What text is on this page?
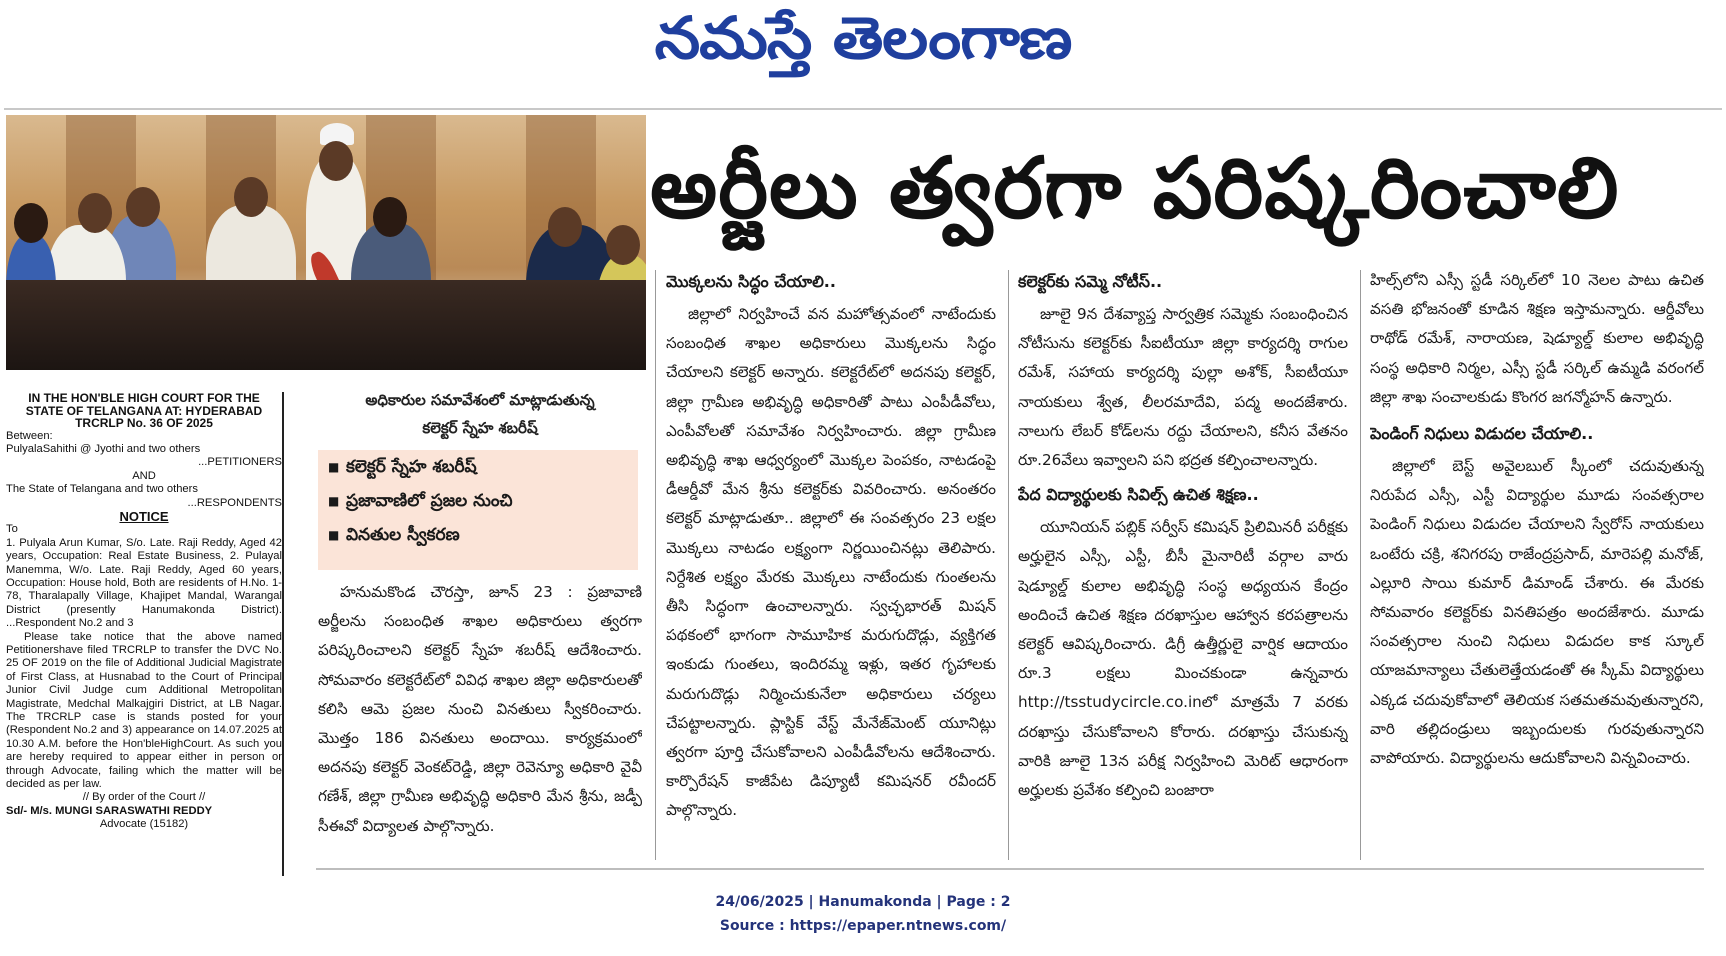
నమస్తే తెలంగాణ
IN THE HON'BLE HIGH COURT FOR THE
STATE OF TELANGANA AT: HYDERABAD
TRCRLP No. 36 OF 2025

Between:

PulyalaSahithi @ Jyothi and two others

...PETITIONERS

AND

The State of Telangana and two others

...RESPONDENTS

NOTICE

To

1. Pulyala Arun Kumar, S/o. Late. Raji Reddy, Aged 42 years, Occupation: Real Estate Business, 2. Pulayal Manemma, W/o. Late. Raji Reddy, Aged 60 years, Occupation: House hold, Both are residents of H.No. 1-78, Tharalapally Village, Khajipet Mandal, Warangal District (presently Hanumakonda District). ...Respondent No.2 and 3

Please take notice that the above named Petitionershave filed TRCRLP to transfer the DVC No. 25 OF 2019 on the file of Additional Judicial Magistrate of First Class, at Husnabad to the Court of Principal Junior Civil Judge cum Additional Metropolitan Magistrate, Medchal Malkajgiri District, at LB Nagar. The TRCRLP case is stands posted for your (Respondent No.2 and 3) appearance on 14.07.2025 at 10.30 A.M. before the Hon'bleHighCourt. As such you are hereby required to appear either in person or through Advocate, failing which the matter will be decided as per law.

// By order of the Court //

Sd/- M/s. MUNGI SARASWATHI REDDY

Advocate (15182)

అధికారుల సమావేశంలో మాట్లాడుతున్న
కలెక్టర్ స్నేహ శబరీష్
■ కలెక్టర్ స్నేహ శబరీష్
■ ప్రజావాణిలో ప్రజల నుంచి
■ వినతుల స్వీకరణ
అర్జీలు త్వరగా పరిష్కరించాలి

హనుమకొండ చౌరస్తా, జూన్ 23 : ప్రజావాణి అర్జీలను సంబంధిత శాఖల అధికారులు త్వరగా పరిష్కరించాలని కలెక్టర్ స్నేహ శబరీష్ ఆదేశించారు. సోమవారం కలెక్టరేట్‌లో వివిధ శాఖల జిల్లా అధికారులతో కలిసి ఆమె ప్రజల నుంచి వినతులు స్వీకరించారు. మొత్తం 186 వినతులు అందాయి. కార్యక్రమంలో అదనపు కలెక్టర్ వెంకట్‌రెడ్డి, జిల్లా రెవెన్యూ అధికారి వైవీ గణేశ్, జిల్లా గ్రామీణ అభివృద్ధి అధికారి మేన శ్రీను, జడ్పీ సీఈవో విద్యాలత పాల్గొన్నారు.

మొక్కలను సిద్ధం చేయాలి..

జిల్లాలో నిర్వహించే వన మహోత్సవంలో నాటేందుకు సంబంధిత శాఖల అధికారులు మొక్కలను సిద్ధం చేయాలని కలెక్టర్ అన్నారు. కలెక్టరేట్‌లో అదనపు కలెక్టర్, జిల్లా గ్రామీణ అభివృద్ధి అధికారితో పాటు ఎంపీడీవోలు, ఎంపీవోలతో సమావేశం నిర్వహించారు. జిల్లా గ్రామీణ అభివృద్ధి శాఖ ఆధ్వర్యంలో మొక్కల పెంపకం, నాటడంపై డీఆర్డీవో మేన శ్రీను కలెక్టర్‌కు వివరించారు. అనంతరం కలెక్టర్ మాట్లాడుతూ.. జిల్లాలో ఈ సంవత్సరం 23 లక్షల మొక్కలు నాటడం లక్ష్యంగా నిర్ణయించినట్లు తెలిపారు. నిర్దేశిత లక్ష్యం మేరకు మొక్కలు నాటేందుకు గుంతలను తీసి సిద్ధంగా ఉంచాలన్నారు. స్వచ్ఛభారత్ మిషన్ పథకంలో భాగంగా సామూహిక మరుగుదొడ్లు, వ్యక్తిగత ఇంకుడు గుంతలు, ఇందిరమ్మ ఇళ్లు, ఇతర గృహాలకు మరుగుదొడ్లు నిర్మించుకునేలా అధికారులు చర్యలు చేపట్టాలన్నారు. ప్లాస్టిక్ వేస్ట్ మేనేజ్‌మెంట్ యూనిట్లు త్వరగా పూర్తి చేసుకోవాలని ఎంపీడీవోలను ఆదేశించారు. కార్పొరేషన్ కాజీపేట డిప్యూటీ కమిషనర్ రవీందర్ పాల్గొన్నారు.

కలెక్టర్‌కు సమ్మె నోటీస్..

జూలై 9న దేశవ్యాప్త సార్వత్రిక సమ్మెకు సంబంధించిన నోటీసును కలెక్టర్‌కు సీఐటీయూ జిల్లా కార్యదర్శి రాగుల రమేశ్, సహాయ కార్యదర్శి పుల్లా అశోక్, సీఐటీయూ నాయకులు శ్వేత, లీలరమాదేవి, పద్మ అందజేశారు. నాలుగు లేబర్ కోడ్‌లను రద్దు చేయాలని, కనీస వేతనం రూ.26వేలు ఇవ్వాలని పని భద్రత కల్పించాలన్నారు.

పేద విద్యార్థులకు సివిల్స్ ఉచిత శిక్షణ..

యూనియన్ పబ్లిక్ సర్వీస్ కమిషన్ ప్రిలిమినరీ పరీక్షకు అర్హులైన ఎస్సీ, ఎస్టీ, బీసీ మైనారిటీ వర్గాల వారు షెడ్యూల్డ్ కులాల అభివృద్ధి సంస్థ అధ్యయన కేంద్రం అందించే ఉచిత శిక్షణ దరఖాస్తుల ఆహ్వాన కరపత్రాలను కలెక్టర్ ఆవిష్కరించారు. డిగ్రీ ఉత్తీర్ణులై వార్షిక ఆదాయం రూ.3 లక్షలు మించకుండా ఉన్నవారు http://tsstudycircle.co.inలో మాత్రమే 7 వరకు దరఖాస్తు చేసుకోవాలని కోరారు. దరఖాస్తు చేసుకున్న వారికి జూలై 13న పరీక్ష నిర్వహించి మెరిట్ ఆధారంగా అర్హులకు ప్రవేశం కల్పించి బంజారా

హిల్స్‌లోని ఎస్సీ స్టడీ సర్కిల్‌లో 10 నెలల పాటు ఉచిత వసతి భోజనంతో కూడిన శిక్షణ ఇస్తామన్నారు. ఆర్డీవోలు రాథోడ్ రమేశ్, నారాయణ, షెడ్యూల్డ్ కులాల అభివృద్ధి సంస్థ అధికారి నిర్మల, ఎస్సీ స్టడీ సర్కిల్ ఉమ్మడి వరంగల్ జిల్లా శాఖ సంచాలకుడు కొంగర జగన్మోహన్ ఉన్నారు.

పెండింగ్ నిధులు విడుదల చేయాలి..

జిల్లాలో బెస్ట్ అవైలబుల్ స్కీంలో చదువుతున్న నిరుపేద ఎస్సీ, ఎస్టీ విద్యార్థుల మూడు సంవత్సరాల పెండింగ్ నిధులు విడుదల చేయాలని స్వేరోస్ నాయకులు ఒంటేరు చక్రి, శనిగరపు రాజేంద్రప్రసాద్, మారెపల్లి మనోజ్, ఎల్లూరి సాయి కుమార్ డిమాండ్ చేశారు. ఈ మేరకు సోమవారం కలెక్టర్‌కు వినతిపత్రం అందజేశారు. మూడు సంవత్సరాల నుంచి నిధులు విడుదల కాక స్కూల్ యాజమాన్యాలు చేతులెత్తేయడంతో ఈ స్కీమ్ విద్యార్థులు ఎక్కడ చదువుకోవాలో తెలియక సతమతమవుతున్నారని, వారి తల్లిదండ్రులు ఇబ్బందులకు గురవుతున్నారని వాపోయారు. విద్యార్థులను ఆదుకోవాలని విన్నవించారు.

24/06/2025 | Hanumakonda | Page : 2
Source : https://epaper.ntnews.com/
